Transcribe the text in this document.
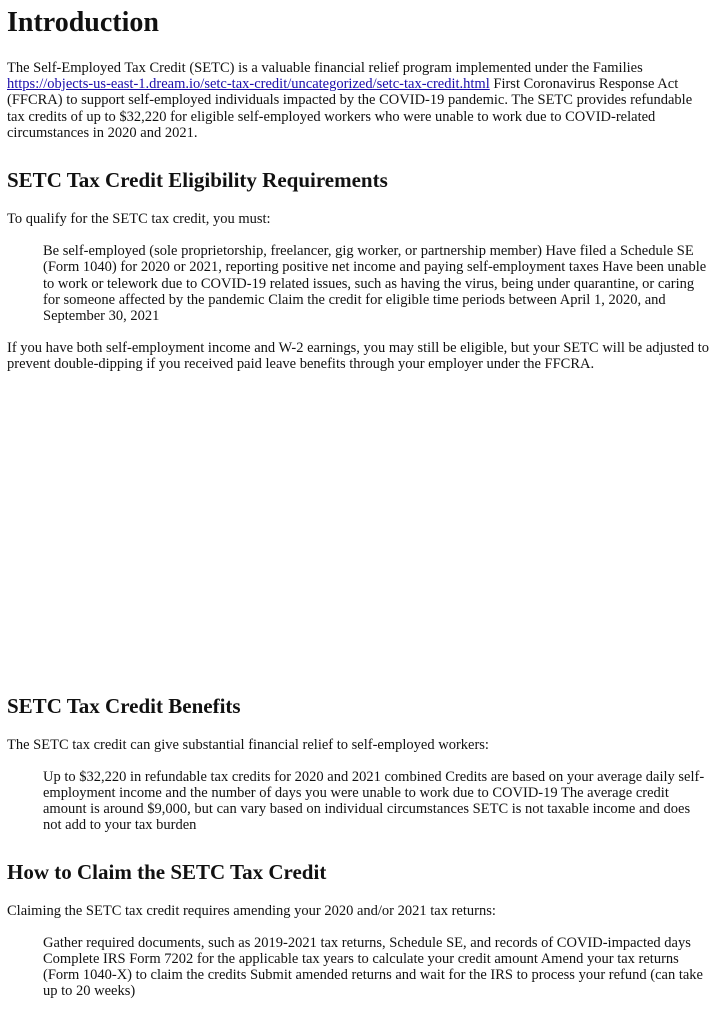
Introduction

The Self-Employed Tax Credit (SETC) is a valuable financial relief program implemented under the Families https://objects-us-east-1.dream.io/setc-tax-credit/uncategorized/setc-tax-credit.html First Coronavirus Response Act (FFCRA) to support self-employed individuals impacted by the COVID-19 pandemic. The SETC provides refundable tax credits of up to $32,220 for eligible self-employed workers who were unable to work due to COVID-related circumstances in 2020 and 2021.

SETC Tax Credit Eligibility Requirements

To qualify for the SETC tax credit, you must:

Be self-employed (sole proprietorship, freelancer, gig worker, or partnership member) Have filed a Schedule SE (Form 1040) for 2020 or 2021, reporting positive net income and paying self-employment taxes Have been unable to work or telework due to COVID-19 related issues, such as having the virus, being under quarantine, or caring for someone affected by the pandemic Claim the credit for eligible time periods between April 1, 2020, and September 30, 2021

If you have both self-employment income and W-2 earnings, you may still be eligible, but your SETC will be adjusted to prevent double-dipping if you received paid leave benefits through your employer under the FFCRA.

SETC Tax Credit Benefits

The SETC tax credit can give substantial financial relief to self-employed workers:

Up to $32,220 in refundable tax credits for 2020 and 2021 combined Credits are based on your average daily self-employment income and the number of days you were unable to work due to COVID-19 The average credit amount is around $9,000, but can vary based on individual circumstances SETC is not taxable income and does not add to your tax burden

How to Claim the SETC Tax Credit

Claiming the SETC tax credit requires amending your 2020 and/or 2021 tax returns:

Gather required documents, such as 2019-2021 tax returns, Schedule SE, and records of COVID-impacted days Complete IRS Form 7202 for the applicable tax years to calculate your credit amount Amend your tax returns (Form 1040-X) to claim the credits Submit amended returns and wait for the IRS to process your refund (can take up to 20 weeks)
